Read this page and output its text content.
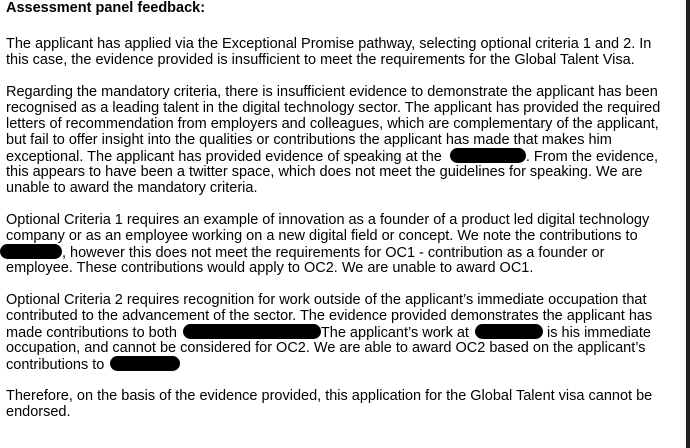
Assessment panel feedback:
The applicant has applied via the Exceptional Promise pathway, selecting optional criteria 1 and 2. In
this case, the evidence provided is insufficient to meet the requirements for the Global Talent Visa.
Regarding the mandatory criteria, there is insufficient evidence to demonstrate the applicant has been
recognised as a leading talent in the digital technology sector. The applicant has provided the required
letters of recommendation from employers and colleagues, which are complementary of the applicant,
but fail to offer insight into the qualities or contributions the applicant has made that makes him
exceptional. The applicant has provided evidence of speaking at the	. From the evidence,
this appears to have been a twitter space, which does not meet the guidelines for speaking. We are
unable to award the mandatory criteria.
Optional Criteria 1 requires an example of innovation as a founder of a product led digital technology
company or as an employee working on a new digital field or concept. We note the contributions to
, however this does not meet the requirements for OC1 - contribution as a founder or
employee. These contributions would apply to OC2. We are unable to award OC1.
Optional Criteria 2 requires recognition for work outside of the applicant’s immediate occupation that
contributed to the advancement of the sector. The evidence provided demonstrates the applicant has
made contributions to both	The applicant’s work at	is his immediate
occupation, and cannot be considered for OC2. We are able to award OC2 based on the applicant’s
contributions to
Therefore, on the basis of the evidence provided, this application for the Global Talent visa cannot be
endorsed.
